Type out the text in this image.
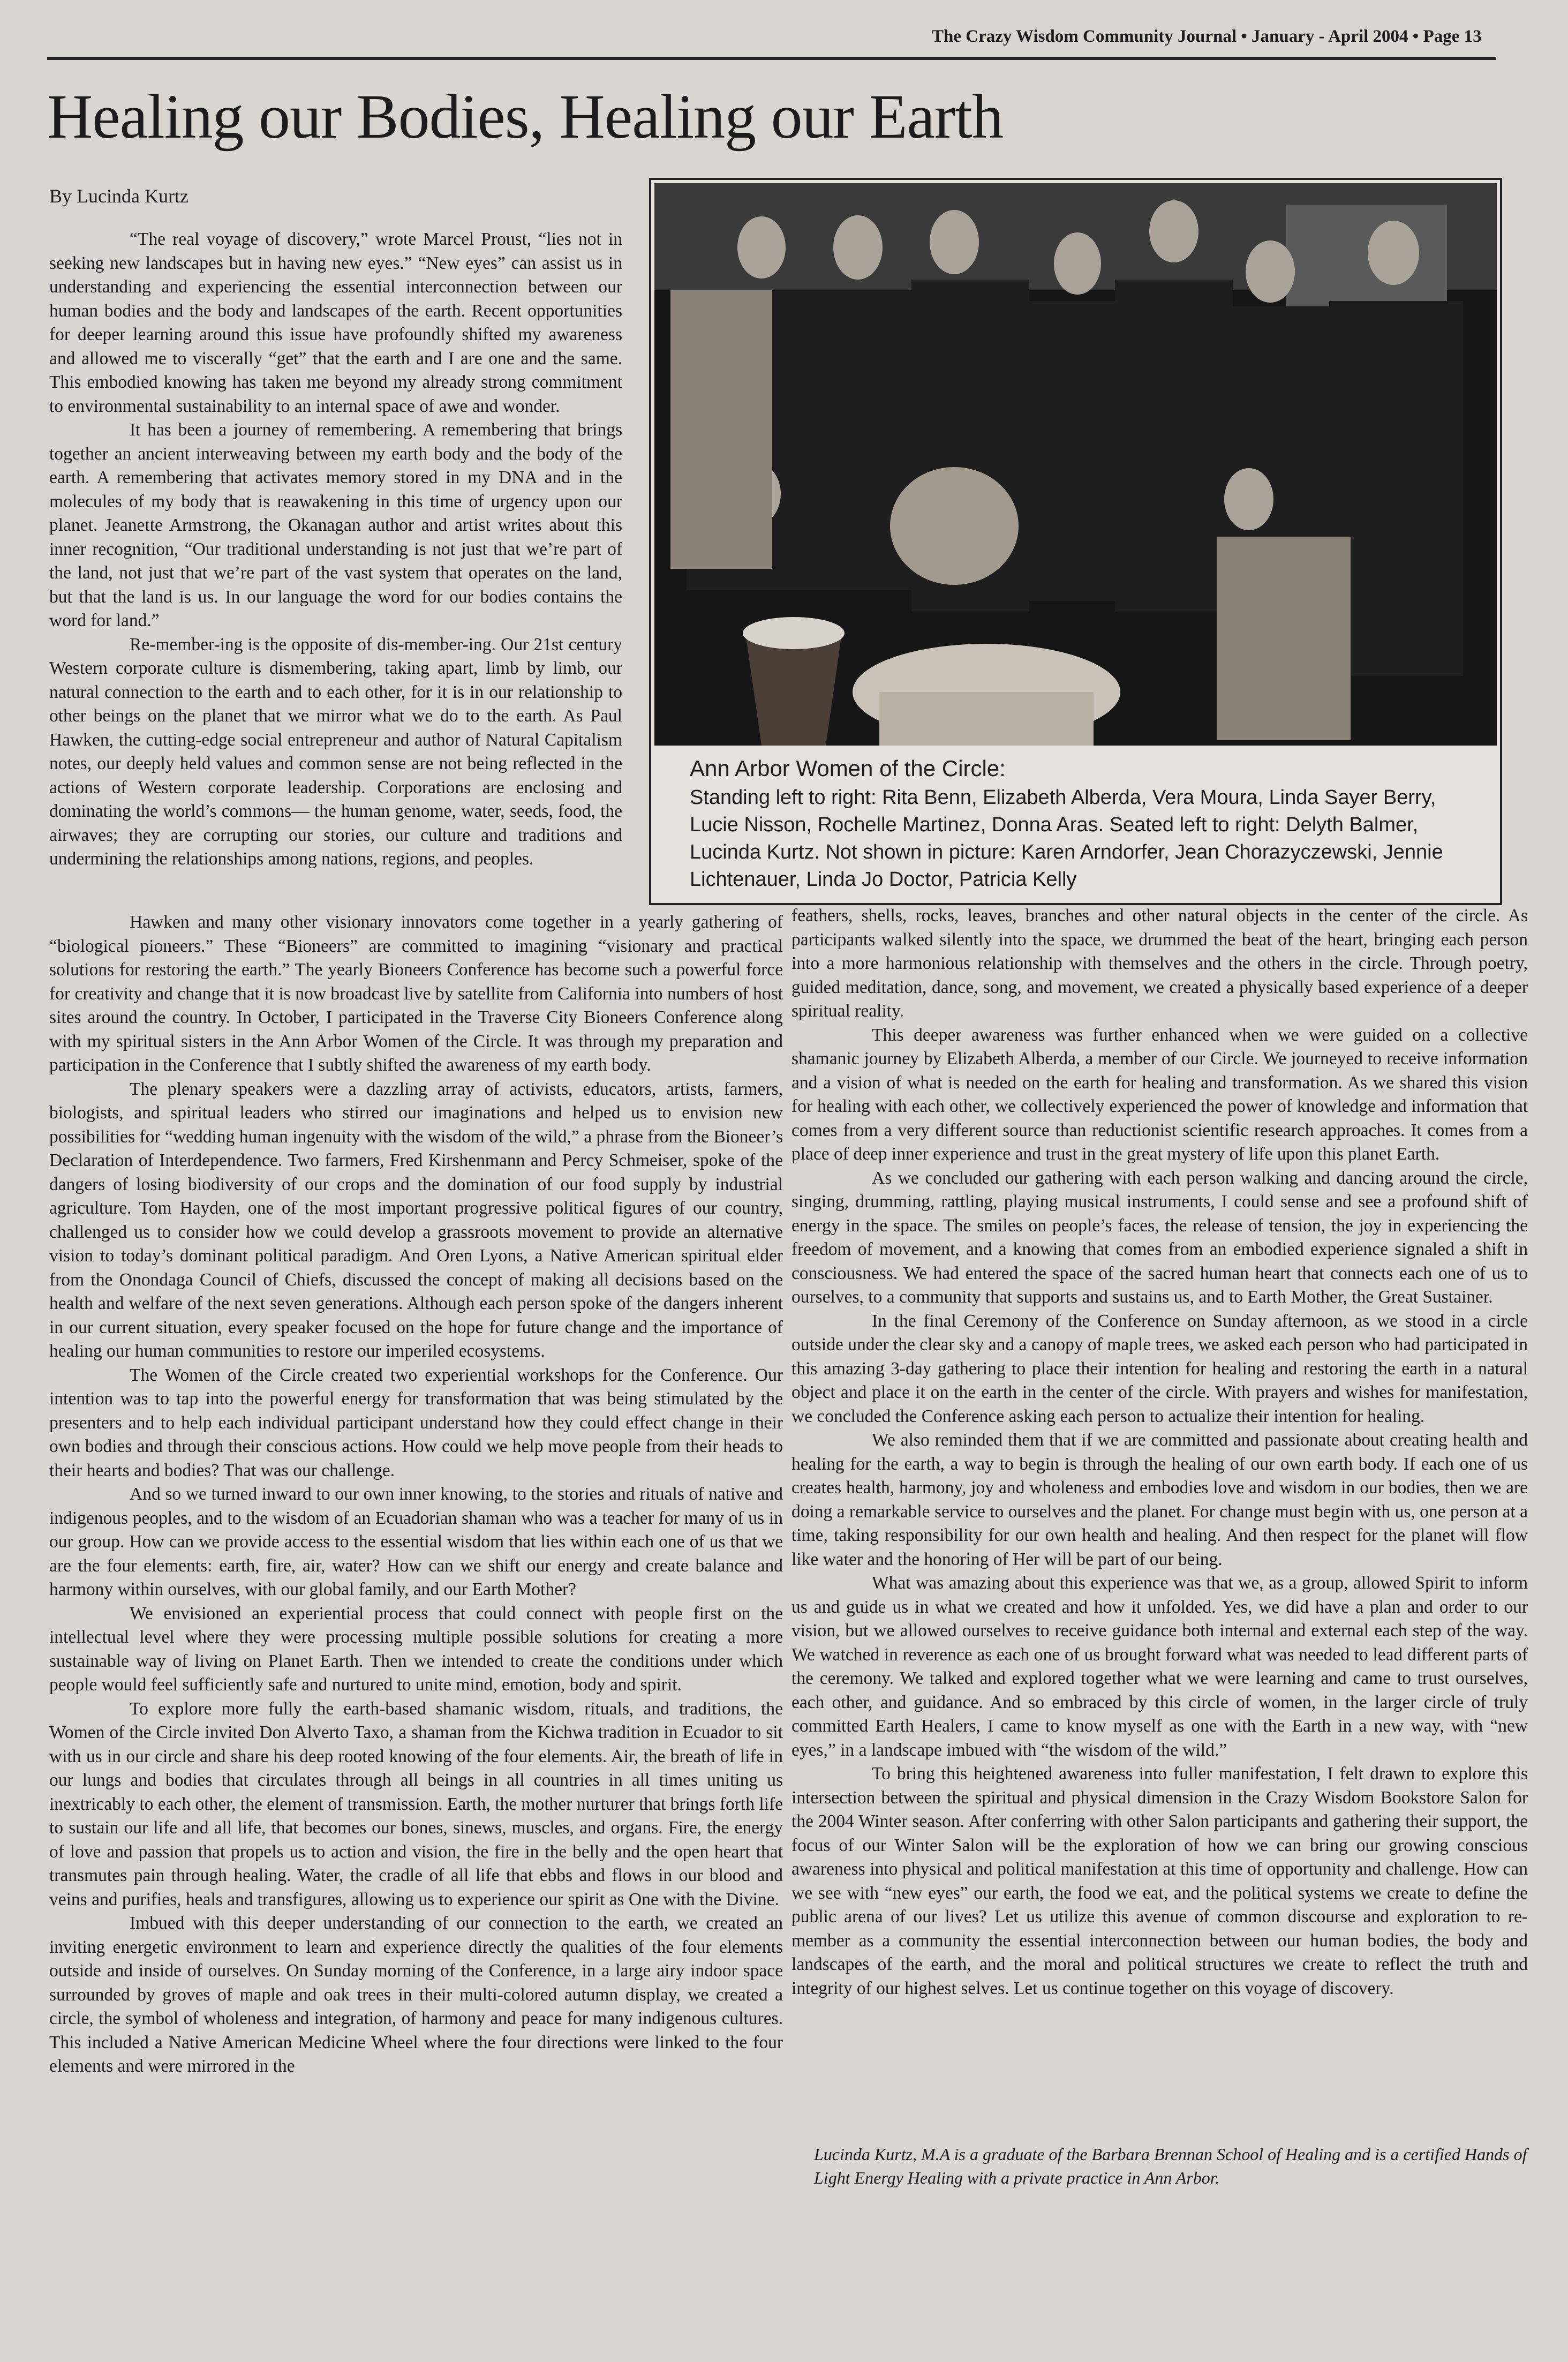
The Crazy Wisdom Community Journal • January - April 2004 • Page 13
Healing our Bodies, Healing our Earth
By Lucinda Kurtz

“The real voyage of discovery,” wrote Marcel Proust, “lies not in seeking new landscapes but in having new eyes.” “New eyes” can assist us in understanding and experiencing the essential interconnection between our human bodies and the body and landscapes of the earth. Recent opportunities for deeper learning around this issue have profoundly shifted my awareness and allowed me to viscerally “get” that the earth and I are one and the same. This embodied knowing has taken me beyond my already strong commitment to environmental sustainability to an internal space of awe and wonder.

It has been a journey of remembering. A remembering that brings together an ancient interweaving between my earth body and the body of the earth. A remembering that activates memory stored in my DNA and in the molecules of my body that is reawakening in this time of urgency upon our planet. Jeanette Armstrong, the Okanagan author and artist writes about this inner recognition, “Our traditional understanding is not just that we’re part of the land, not just that we’re part of the vast system that operates on the land, but that the land is us. In our language the word for our bodies contains the word for land.”

Re-member-ing is the opposite of dis-member-ing. Our 21st century Western corporate culture is dismembering, taking apart, limb by limb, our natural connection to the earth and to each other, for it is in our relationship to other beings on the planet that we mirror what we do to the earth. As Paul Hawken, the cutting-edge social entrepreneur and author of Natural Capitalism notes, our deeply held values and common sense are not being reflected in the actions of Western corporate leadership. Corporations are enclosing and dominating the world’s commons— the human genome, water, seeds, food, the airwaves; they are corrupting our stories, our culture and traditions and undermining the relationships among nations, regions, and peoples.

Ann Arbor Women of the Circle:
Standing left to right: Rita Benn, Elizabeth Alberda, Vera Moura, Linda Sayer Berry, Lucie Nisson, Rochelle Martinez, Donna Aras. Seated left to right: Delyth Balmer, Lucinda Kurtz. Not shown in picture: Karen Arndorfer, Jean Chorazyczewski, Jennie Lichtenauer, Linda Jo Doctor, Patricia Kelly

Hawken and many other visionary innovators come together in a yearly gathering of “biological pioneers.” These “Bioneers” are committed to imagining “visionary and practical solutions for restoring the earth.” The yearly Bioneers Conference has become such a powerful force for creativity and change that it is now broadcast live by satellite from California into numbers of host sites around the country. In October, I participated in the Traverse City Bioneers Conference along with my spiritual sisters in the Ann Arbor Women of the Circle. It was through my preparation and participation in the Conference that I subtly shifted the awareness of my earth body.

The plenary speakers were a dazzling array of activists, educators, artists, farmers, biologists, and spiritual leaders who stirred our imaginations and helped us to envision new possibilities for “wedding human ingenuity with the wisdom of the wild,” a phrase from the Bioneer’s Declaration of Interdependence. Two farmers, Fred Kirshenmann and Percy Schmeiser, spoke of the dangers of losing biodiversity of our crops and the domination of our food supply by industrial agriculture. Tom Hayden, one of the most important progressive political figures of our country, challenged us to consider how we could develop a grassroots movement to provide an alternative vision to today’s dominant political paradigm. And Oren Lyons, a Native American spiritual elder from the Onondaga Council of Chiefs, discussed the concept of making all decisions based on the health and welfare of the next seven generations. Although each person spoke of the dangers inherent in our current situation, every speaker focused on the hope for future change and the importance of healing our human communities to restore our imperiled ecosystems.

The Women of the Circle created two experiential workshops for the Conference. Our intention was to tap into the powerful energy for transformation that was being stimulated by the presenters and to help each individual participant understand how they could effect change in their own bodies and through their conscious actions. How could we help move people from their heads to their hearts and bodies? That was our challenge.

And so we turned inward to our own inner knowing, to the stories and rituals of native and indigenous peoples, and to the wisdom of an Ecuadorian shaman who was a teacher for many of us in our group. How can we provide access to the essential wisdom that lies within each one of us that we are the four elements: earth, fire, air, water? How can we shift our energy and create balance and harmony within ourselves, with our global family, and our Earth Mother?

We envisioned an experiential process that could connect with people first on the intellectual level where they were processing multiple possible solutions for creating a more sustainable way of living on Planet Earth. Then we intended to create the conditions under which people would feel sufficiently safe and nurtured to unite mind, emotion, body and spirit.

To explore more fully the earth-based shamanic wisdom, rituals, and traditions, the Women of the Circle invited Don Alverto Taxo, a shaman from the Kichwa tradition in Ecuador to sit with us in our circle and share his deep rooted knowing of the four elements. Air, the breath of life in our lungs and bodies that circulates through all beings in all countries in all times uniting us inextricably to each other, the element of transmission. Earth, the mother nurturer that brings forth life to sustain our life and all life, that becomes our bones, sinews, muscles, and organs. Fire, the energy of love and passion that propels us to action and vision, the fire in the belly and the open heart that transmutes pain through healing. Water, the cradle of all life that ebbs and flows in our blood and veins and purifies, heals and transfigures, allowing us to experience our spirit as One with the Divine.

Imbued with this deeper understanding of our connection to the earth, we created an inviting energetic environment to learn and experience directly the qualities of the four elements outside and inside of ourselves. On Sunday morning of the Conference, in a large airy indoor space surrounded by groves of maple and oak trees in their multi-colored autumn display, we created a circle, the symbol of wholeness and integration, of harmony and peace for many indigenous cultures. This included a Native American Medicine Wheel where the four directions were linked to the four elements and were mirrored in the

feathers, shells, rocks, leaves, branches and other natural objects in the center of the circle. As participants walked silently into the space, we drummed the beat of the heart, bringing each person into a more harmonious relationship with themselves and the others in the circle. Through poetry, guided meditation, dance, song, and movement, we created a physically based experience of a deeper spiritual reality.

This deeper awareness was further enhanced when we were guided on a collective shamanic journey by Elizabeth Alberda, a member of our Circle. We journeyed to receive information and a vision of what is needed on the earth for healing and transformation. As we shared this vision for healing with each other, we collectively experienced the power of knowledge and information that comes from a very different source than reductionist scientific research approaches. It comes from a place of deep inner experience and trust in the great mystery of life upon this planet Earth.

As we concluded our gathering with each person walking and dancing around the circle, singing, drumming, rattling, playing musical instruments, I could sense and see a profound shift of energy in the space. The smiles on people’s faces, the release of tension, the joy in experiencing the freedom of movement, and a knowing that comes from an embodied experience signaled a shift in consciousness. We had entered the space of the sacred human heart that connects each one of us to ourselves, to a community that supports and sustains us, and to Earth Mother, the Great Sustainer.

In the final Ceremony of the Conference on Sunday afternoon, as we stood in a circle outside under the clear sky and a canopy of maple trees, we asked each person who had participated in this amazing 3-day gathering to place their intention for healing and restoring the earth in a natural object and place it on the earth in the center of the circle. With prayers and wishes for manifestation, we concluded the Conference asking each person to actualize their intention for healing.

We also reminded them that if we are committed and passionate about creating health and healing for the earth, a way to begin is through the healing of our own earth body. If each one of us creates health, harmony, joy and wholeness and embodies love and wisdom in our bodies, then we are doing a remarkable service to ourselves and the planet. For change must begin with us, one person at a time, taking responsibility for our own health and healing. And then respect for the planet will flow like water and the honoring of Her will be part of our being.

What was amazing about this experience was that we, as a group, allowed Spirit to inform us and guide us in what we created and how it unfolded. Yes, we did have a plan and order to our vision, but we allowed ourselves to receive guidance both internal and external each step of the way. We watched in reverence as each one of us brought forward what was needed to lead different parts of the ceremony. We talked and explored together what we were learning and came to trust ourselves, each other, and guidance. And so embraced by this circle of women, in the larger circle of truly committed Earth Healers, I came to know myself as one with the Earth in a new way, with “new eyes,” in a landscape imbued with “the wisdom of the wild.”

To bring this heightened awareness into fuller manifestation, I felt drawn to explore this intersection between the spiritual and physical dimension in the Crazy Wisdom Bookstore Salon for the 2004 Winter season. After conferring with other Salon participants and gathering their support, the focus of our Winter Salon will be the exploration of how we can bring our growing conscious awareness into physical and political manifestation at this time of opportunity and challenge. How can we see with “new eyes” our earth, the food we eat, and the political systems we create to define the public arena of our lives? Let us utilize this avenue of common discourse and exploration to re-member as a community the essential interconnection between our human bodies, the body and landscapes of the earth, and the moral and political structures we create to reflect the truth and integrity of our highest selves. Let us continue together on this voyage of discovery.

Lucinda Kurtz, M.A is a graduate of the Barbara Brennan School of Healing and is a certified Hands of Light Energy Healing with a private practice in Ann Arbor.
